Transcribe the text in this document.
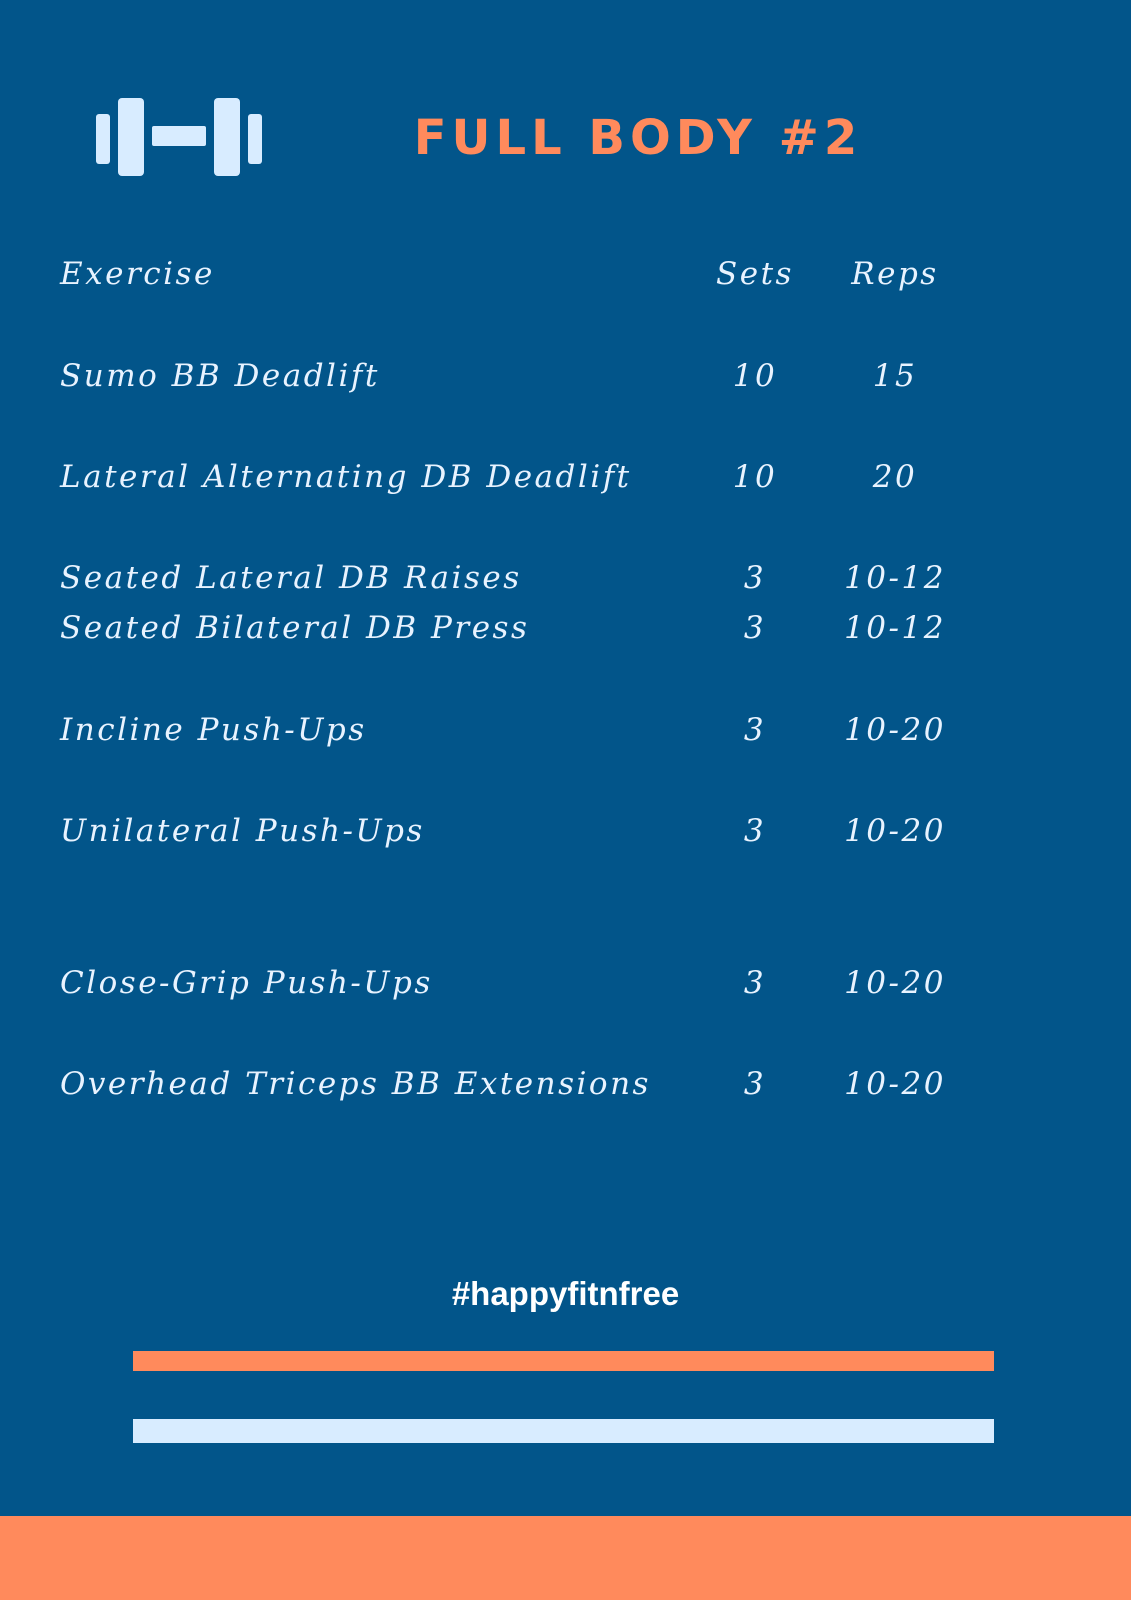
FULL BODY #2
Exercise	Sets	Reps
Sumo BB Deadlift	10	15
Lateral Alternating DB Deadlift	10	20
Seated Lateral DB Raises	3	10-12
Seated Bilateral DB Press	3	10-12
Incline Push-Ups	3	10-20
Unilateral Push-Ups	3	10-20
Close-Grip Push-Ups	3	10-20
Overhead Triceps BB Extensions	3	10-20
#happyfitnfree
